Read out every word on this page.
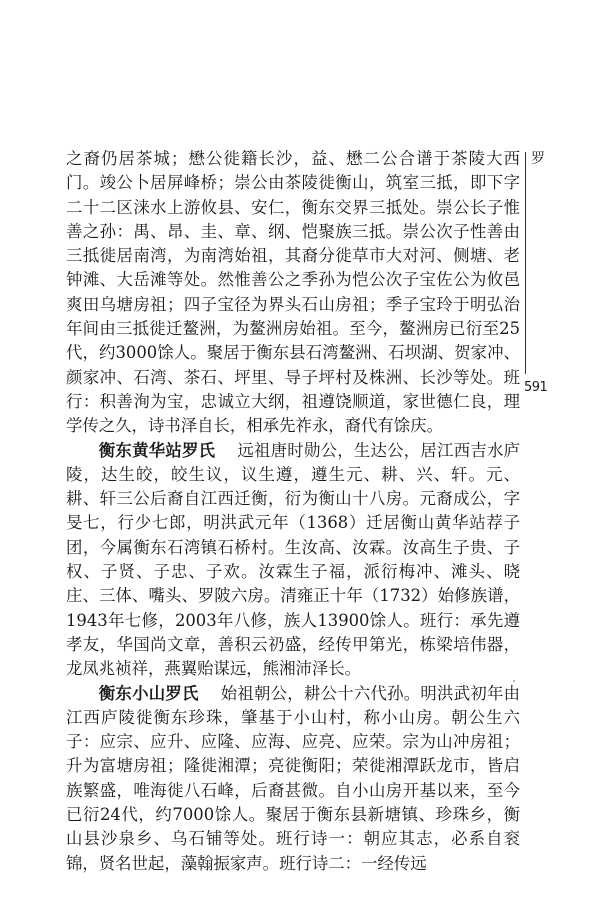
之裔仍居茶城；懋公徙籍长沙，益、懋二公合谱于茶陵大西门。竣公卜居屏峰桥；崇公由茶陵徙衡山，筑室三抵，即下字二十二区涞水上游攸县、安仁，衡东交界三抵处。崇公长子惟善之孙：禺、昂、圭、章、纲、恺聚族三抵。崇公次子性善由三抵徙居南湾，为南湾始祖，其裔分徙草市大对河、侧塘、老钟滩、大岳滩等处。然惟善公之季孙为恺公次子宝佐公为攸邑爽田乌塘房祖；四子宝径为界头石山房祖；季子宝玲于明弘治年间由三抵徙迁鳌洲，为鳌洲房始祖。至今，鳌洲房已衍至25代，约3000馀人。聚居于衡东县石湾鳌洲、石坝湖、贺家冲、颜家冲、石湾、茶石、坪里、导子坪村及株洲、长沙等处。班行：积善洵为宝，忠诚立大纲，祖遵饶顺道，家世德仁良，理学传之久，诗书泽自长，相承先祚永，裔代有馀庆。

衡东黄华站罗氏 　 远祖唐时勋公，生达公，居江西吉水庐陵，达生皎，皎生议，议生遵，遵生元、耕、兴、轩。元、耕、轩三公后裔自江西迁衡，衍为衡山十八房。元裔成公，字旻七，行少七郎，明洪武元年（1368）迁居衡山黄华站荐子团，今属衡东石湾镇石桥村。生汝高、汝霖。汝高生子贵、子权、子贤、子忠、子欢。汝霖生子福，派衍梅冲、滩头、晓庄、三体、嘴头、罗陂六房。清雍正十年（1732）始修族谱，1943年七修，2003年八修，族人13900馀人。班行：承先遵孝友，华国尚文章，善积云礽盛，经传甲第光，栋梁培伟器，龙凤兆祯祥，燕翼贻谋远，熊湘沛泽长。

衡东小山罗氏 　 始祖朝公，耕公十六代孙。明洪武初年由江西庐陵徙衡东珍珠，肇基于小山村，称小山房。朝公生六子：应宗、应升、应隆、应海、应亮、应荣。宗为山冲房祖；升为富塘房祖；隆徙湘潭；亮徙衡阳；荣徙湘潭跃龙市，皆启族繁盛，唯海徙八石峰，后裔甚微。自小山房开基以来，至今已衍24代，约7000馀人。聚居于衡东县新塘镇、珍珠乡，衡山县沙泉乡、乌石铺等处。班行诗一：朝应其志，必系自衮锦，贤名世起，藻翰振家声。班行诗二：一经传远

罗
591
